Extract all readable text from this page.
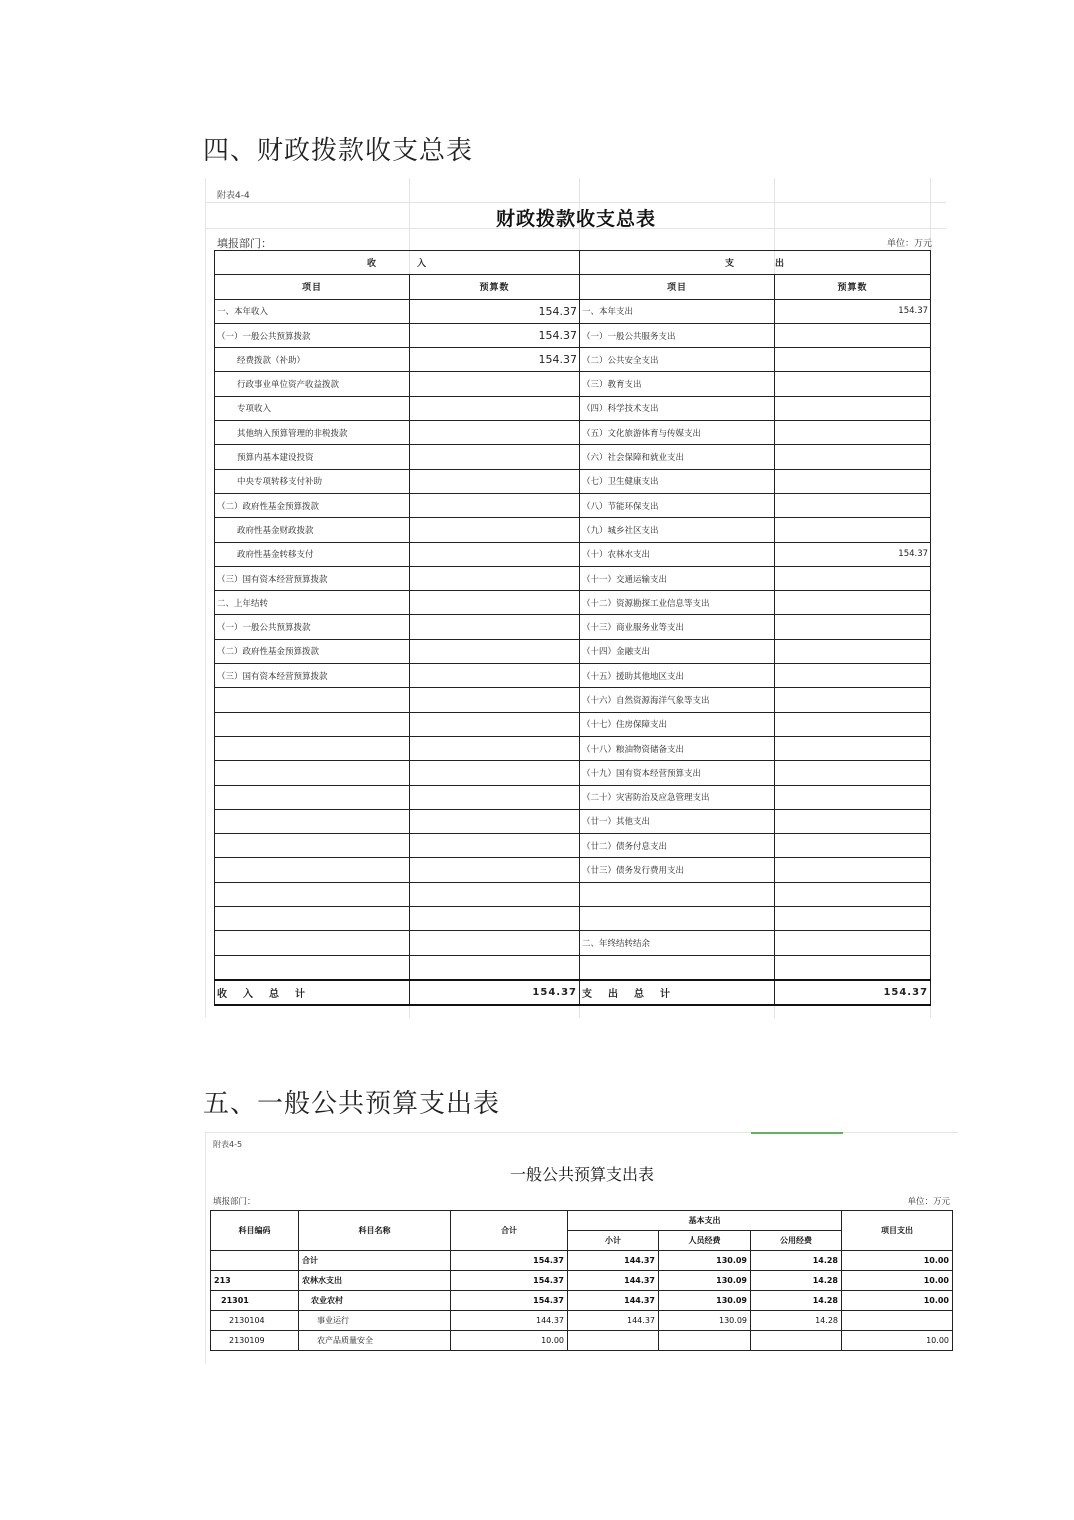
四、财政拨款收支总表
附表4-4
财政拨款收支总表
填报部门：	单位：万元
收　　　　入		支　　　　出	
项目	预算数	项目	预算数
一、本年收入	154.37	一、本年支出	154.37
（一）一般公共预算拨款	154.37	（一）一般公共服务支出	
经费拨款（补助）	154.37	（二）公共安全支出	
行政事业单位资产收益拨款		（三）教育支出	
专项收入		（四）科学技术支出	
其他纳入预算管理的非税拨款		（五）文化旅游体育与传媒支出	
预算内基本建设投资		（六）社会保障和就业支出	
中央专项转移支付补助		（七）卫生健康支出	
（二）政府性基金预算拨款		（八）节能环保支出	
政府性基金财政拨款		（九）城乡社区支出	
政府性基金转移支付		（十）农林水支出	154.37
（三）国有资本经营预算拨款		（十一）交通运输支出	
二、上年结转		（十二）资源勘探工业信息等支出	
（一）一般公共预算拨款		（十三）商业服务业等支出	
（二）政府性基金预算拨款		（十四）金融支出	
（三）国有资本经营预算拨款		（十五）援助其他地区支出	
		（十六）自然资源海洋气象等支出	
		（十七）住房保障支出	
		（十八）粮油物资储备支出	
		（十九）国有资本经营预算支出	
		（二十）灾害防治及应急管理支出	
		（廿一）其他支出	
		（廿二）债务付息支出	
		（廿三）债务发行费用支出	

		二、年终结转结余	

收　入　总　计	154.37	支　出　总　计	154.37
五、一般公共预算支出表
附表4-5
一般公共预算支出表
填报部门：	单位：万元
科目编码	科目名称	合计	基本支出			项目支出
			小计	人员经费	公用经费	
	合计	154.37	144.37	130.09	14.28	10.00
213	农林水支出	154.37	144.37	130.09	14.28	10.00
21301	农业农村	154.37	144.37	130.09	14.28	10.00
2130104	事业运行	144.37	144.37	130.09	14.28	
2130109	农产品质量安全	10.00				10.00
